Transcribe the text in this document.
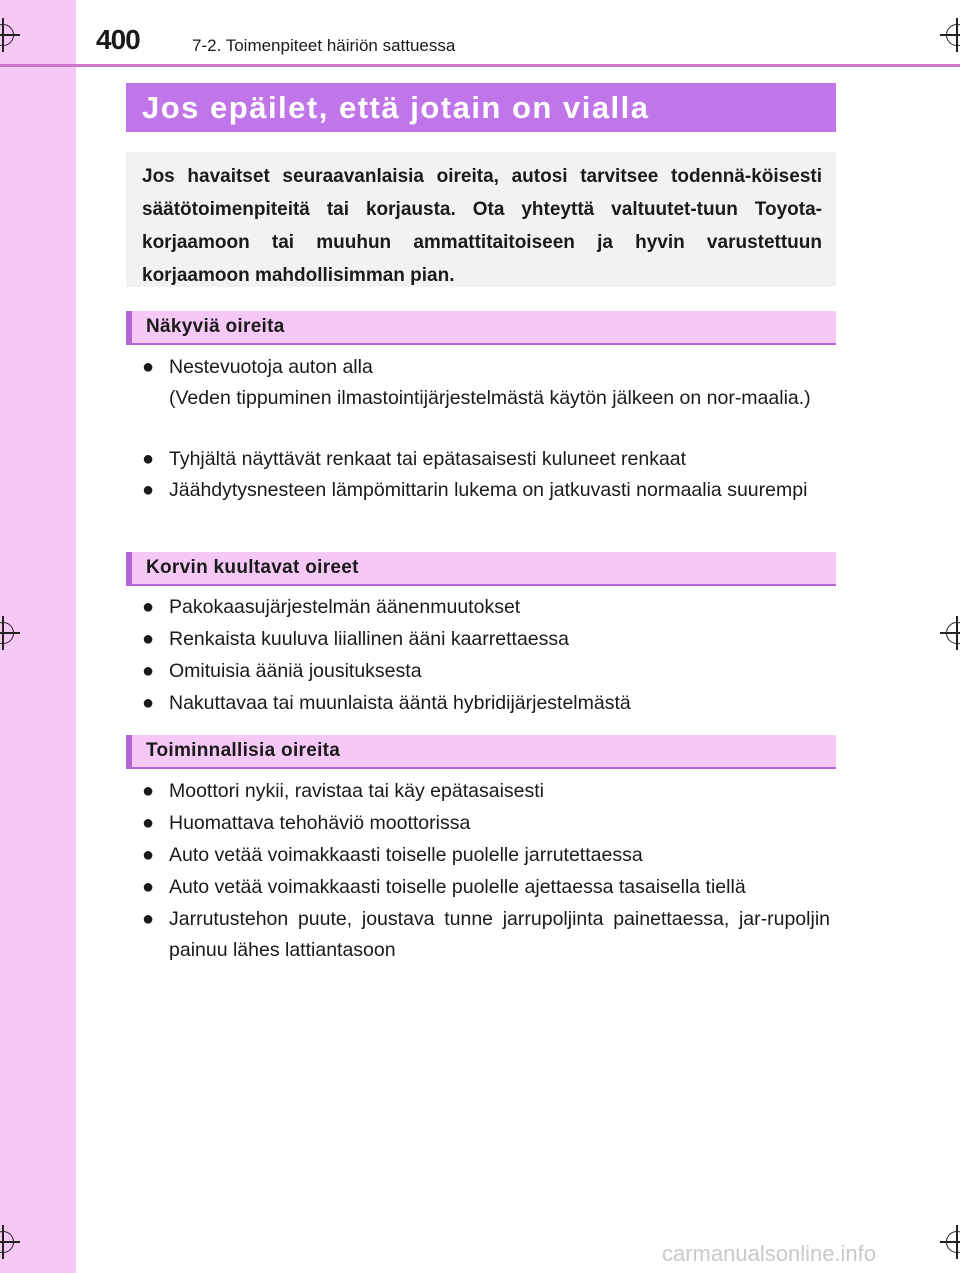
400	7-2. Toimenpiteet häiriön sattuessa
Jos epäilet, että jotain on vialla
Jos havaitset seuraavanlaisia oireita, autosi tarvitsee todennä-köisesti säätötoimenpiteitä tai korjausta. Ota yhteyttä valtuutet-tuun Toyota-korjaamoon tai muuhun ammattitaitoiseen ja hyvin varustettuun korjaamoon mahdollisimman pian.
Näkyviä oireita
● Nestevuotoja auton alla
(Veden tippuminen ilmastointijärjestelmästä käytön jälkeen on nor-maalia.)
● Tyhjältä näyttävät renkaat tai epätasaisesti kuluneet renkaat
● Jäähdytysnesteen lämpömittarin lukema on jatkuvasti normaalia suurempi
Korvin kuultavat oireet
● Pakokaasujärjestelmän äänenmuutokset
● Renkaista kuuluva liiallinen ääni kaarrettaessa
● Omituisia ääniä jousituksesta
● Nakuttavaa tai muunlaista ääntä hybridijärjestelmästä
Toiminnallisia oireita
● Moottori nykii, ravistaa tai käy epätasaisesti
● Huomattava tehohäviö moottorissa
● Auto vetää voimakkaasti toiselle puolelle jarrutettaessa
● Auto vetää voimakkaasti toiselle puolelle ajettaessa tasaisella tiellä
● Jarrutustehon puute, joustava tunne jarrupoljinta painettaessa, jar-rupoljin painuu lähes lattiantasoon
carmanualsonline.info
